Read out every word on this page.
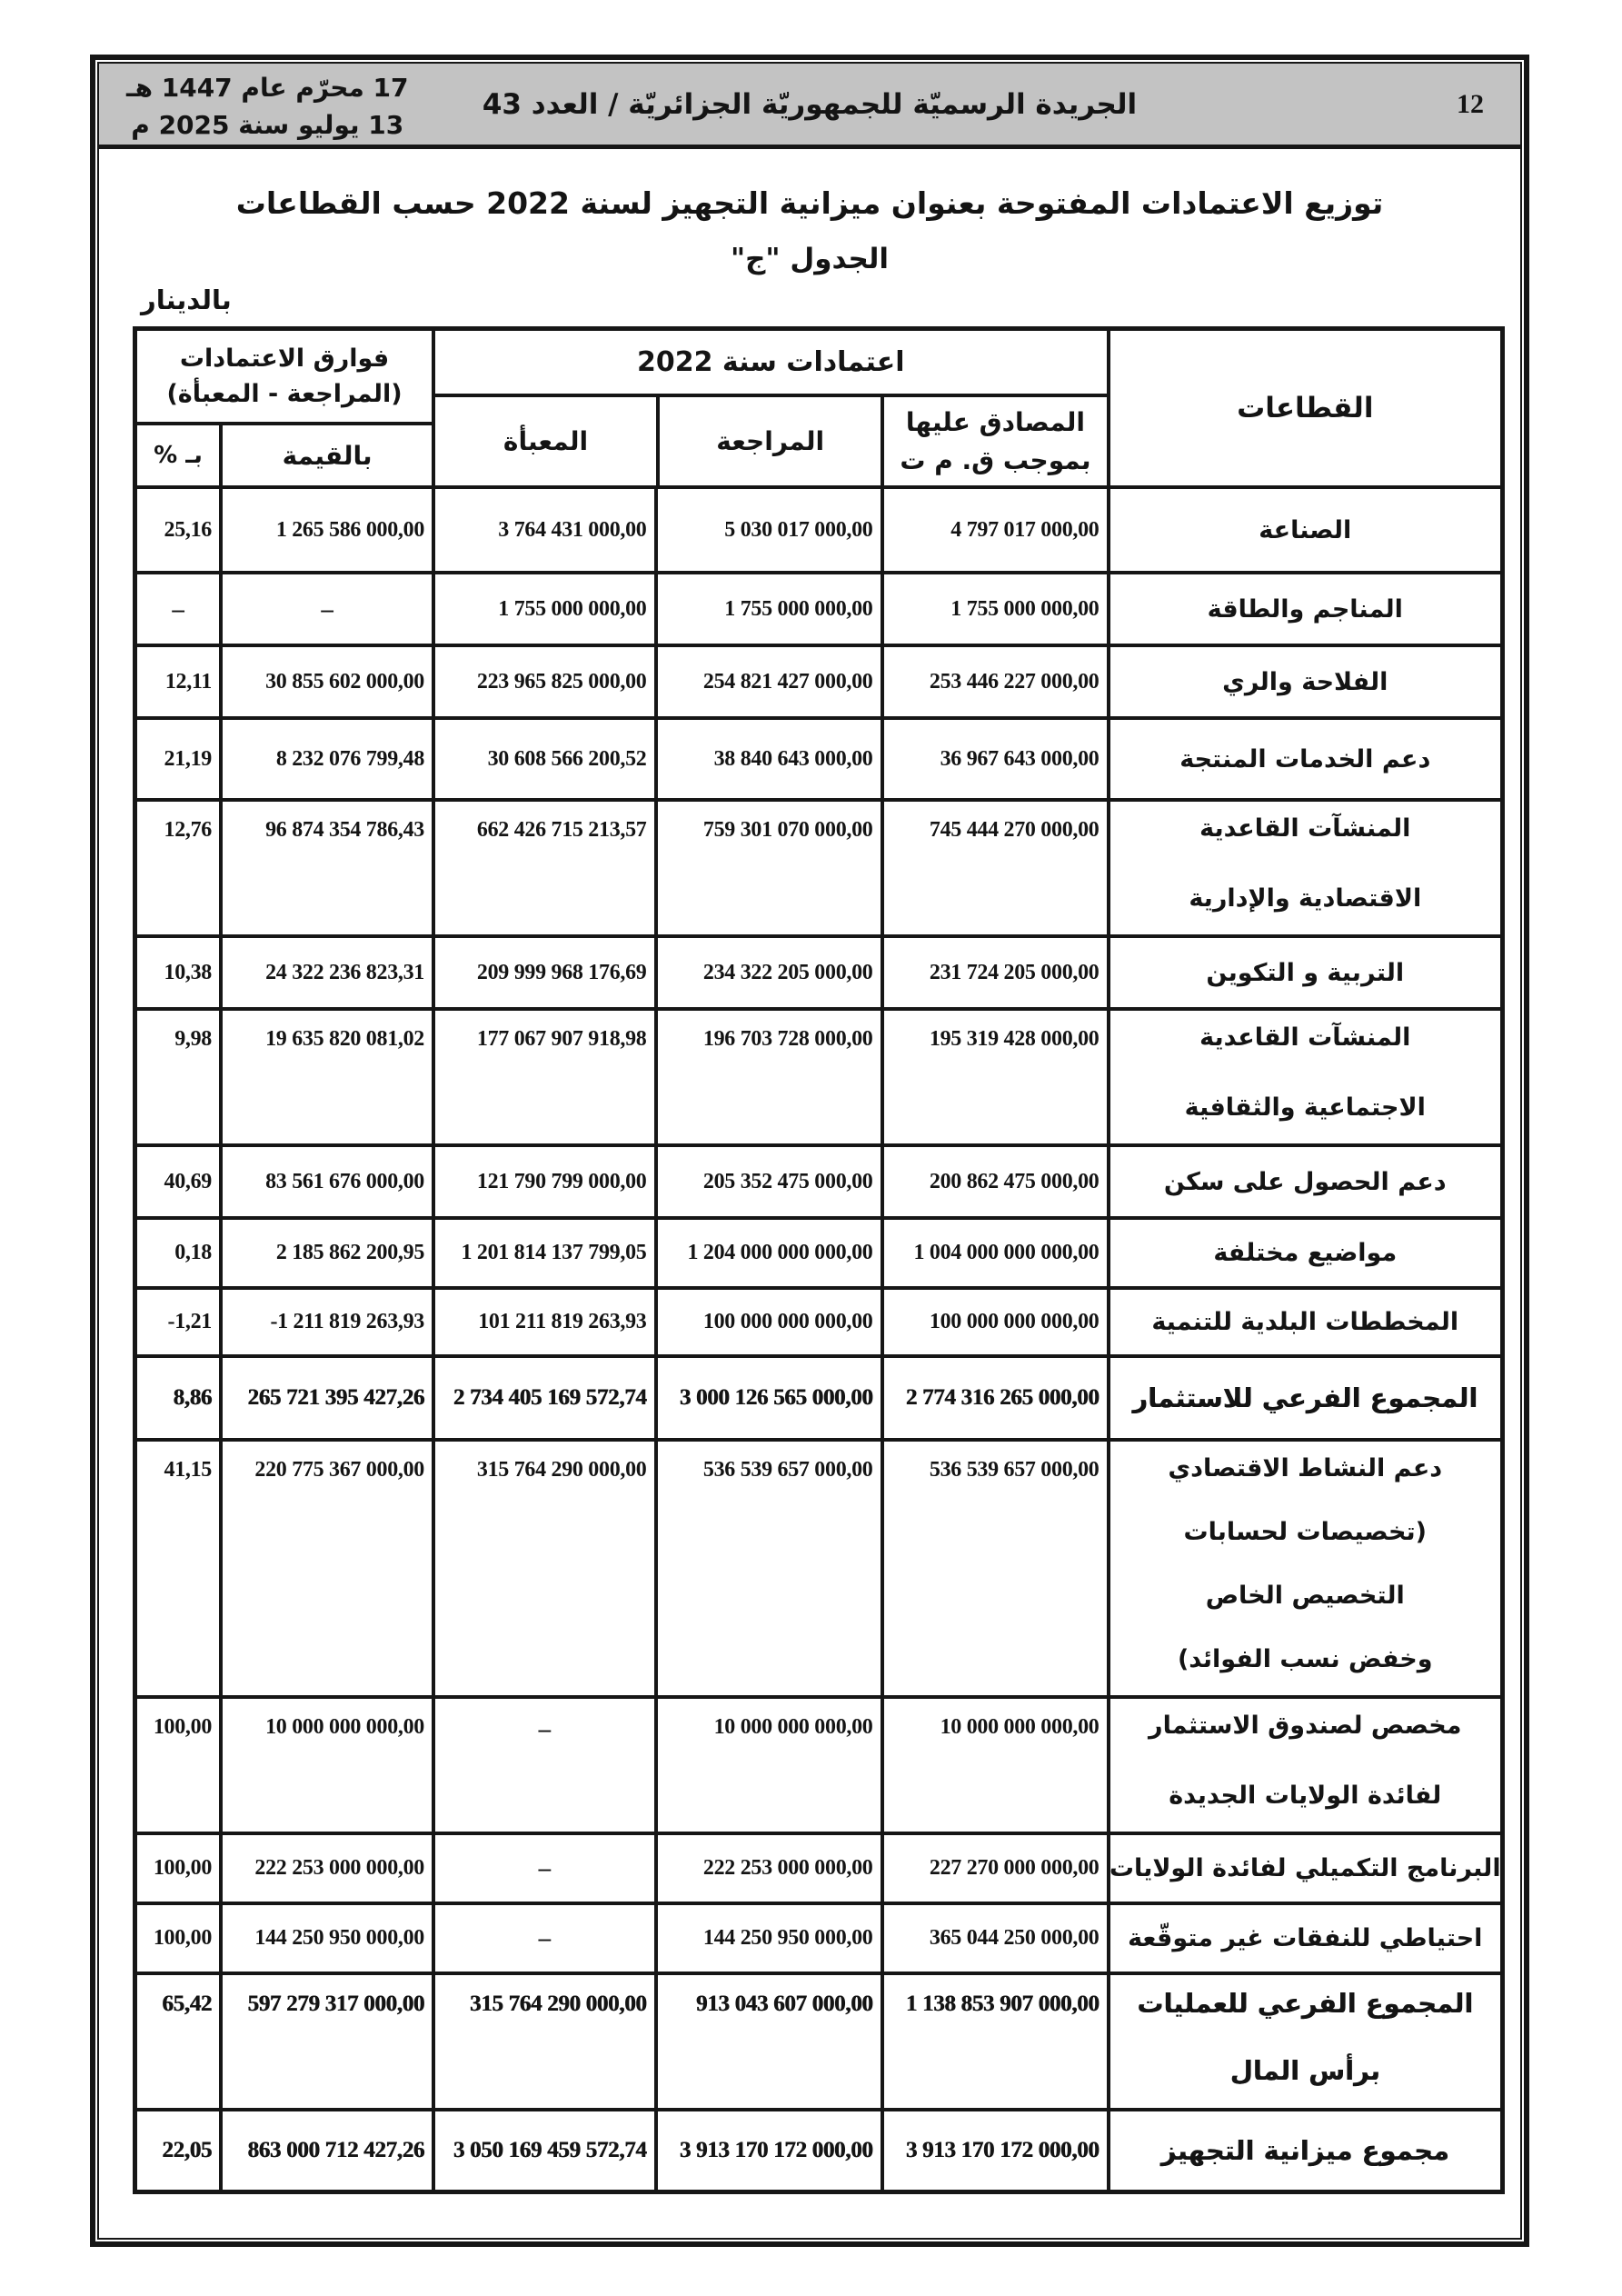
17 محرّم عام 1447 هـ
13 يوليو سنة 2025 م
الجريدة الرسميّة للجمهوريّة الجزائريّة / العدد 43	12
توزيع الاعتمادات المفتوحة بعنوان ميزانية التجهيز لسنة 2022 حسب القطاعات
الجدول "ج"
بالدينار
القطاعات
اعتمادات سنة 2022
المصادق عليها
بموجب ق. م ت
المراجعة
المعبأة
فوارق الاعتمادات
(المراجعة - المعبأة)
بالقيمة
بـ %
الصناعة
4 797 017 000,00
5 030 017 000,00
3 764 431 000,00
1 265 586 000,00
25,16
المناجم والطاقة
1 755 000 000,00
1 755 000 000,00
1 755 000 000,00
–
–
الفلاحة والري
253 446 227 000,00
254 821 427 000,00
223 965 825 000,00
30 855 602 000,00
12,11
دعم الخدمات المنتجة
36 967 643 000,00
38 840 643 000,00
30 608 566 200,52
8 232 076 799,48
21,19
المنشآت القاعدية
الاقتصادية والإدارية
745 444 270 000,00
759 301 070 000,00
662 426 715 213,57
96 874 354 786,43
12,76
التربية و التكوين
231 724 205 000,00
234 322 205 000,00
209 999 968 176,69
24 322 236 823,31
10,38
المنشآت القاعدية
الاجتماعية والثقافية
195 319 428 000,00
196 703 728 000,00
177 067 907 918,98
19 635 820 081,02
9,98
دعم الحصول على سكن
200 862 475 000,00
205 352 475 000,00
121 790 799 000,00
83 561 676 000,00
40,69
مواضيع مختلفة
1 004 000 000 000,00
1 204 000 000 000,00
1 201 814 137 799,05
2 185 862 200,95
0,18
المخططات البلدية للتنمية
100 000 000 000,00
100 000 000 000,00
101 211 819 263,93
-1 211 819 263,93
-1,21
المجموع الفرعي للاستثمار
2 774 316 265 000,00
3 000 126 565 000,00
2 734 405 169 572,74
265 721 395 427,26
8,86
دعم النشاط الاقتصادي
(تخصيصات لحسابات
التخصيص الخاص
وخفض نسب الفوائد)
536 539 657 000,00
536 539 657 000,00
315 764 290 000,00
220 775 367 000,00
41,15
مخصص لصندوق الاستثمار
لفائدة الولايات الجديدة
10 000 000 000,00
10 000 000 000,00
–
10 000 000 000,00
100,00
البرنامج التكميلي لفائدة الولايات
227 270 000 000,00
222 253 000 000,00
–
222 253 000 000,00
100,00
احتياطي للنفقات غير متوقّعة
365 044 250 000,00
144 250 950 000,00
–
144 250 950 000,00
100,00
المجموع الفرعي للعمليات
برأس المال
1 138 853 907 000,00
913 043 607 000,00
315 764 290 000,00
597 279 317 000,00
65,42
مجموع ميزانية التجهيز
3 913 170 172 000,00
3 913 170 172 000,00
3 050 169 459 572,74
863 000 712 427,26
22,05
